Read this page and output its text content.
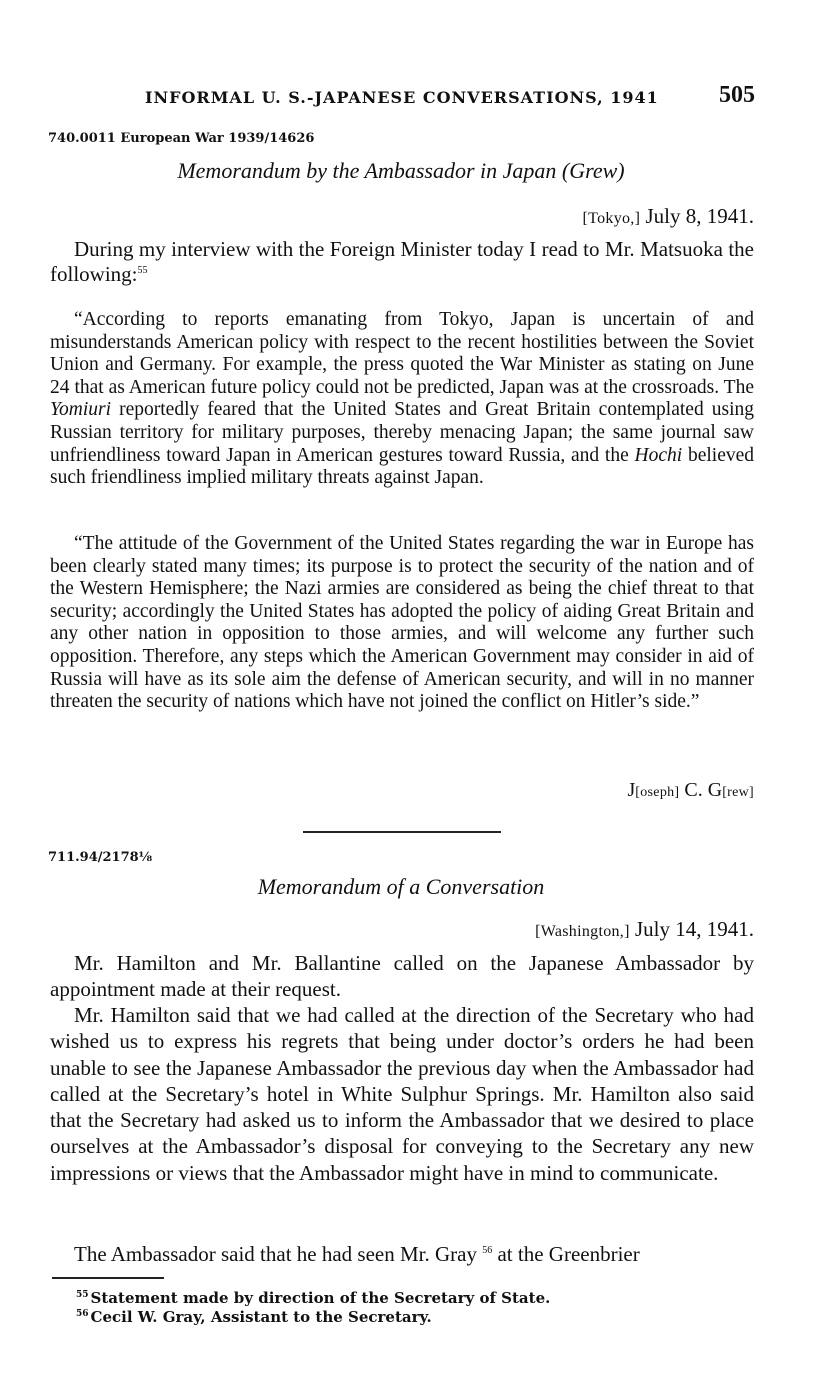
INFORMAL U. S.-JAPANESE CONVERSATIONS, 1941	505
740.0011 European War 1939/14626
Memorandum by the Ambassador in Japan (Grew)
[Tokyo,] July 8, 1941.
During my interview with the Foreign Minister today I read to Mr. Matsuoka the following:$^{55}$
“According to reports emanating from Tokyo, Japan is uncertain of and misunderstands American policy with respect to the recent hostilities between the Soviet Union and Germany. For example, the press quoted the War Minister as stating on June 24 that as American future policy could not be predicted, Japan was at the crossroads. The Yomiuri reportedly feared that the United States and Great Britain contemplated using Russian territory for military purposes, thereby menacing Japan; the same journal saw unfriendliness toward Japan in American gestures toward Russia, and the Hochi believed such friendliness implied military threats against Japan.
“The attitude of the Government of the United States regarding the war in Europe has been clearly stated many times; its purpose is to protect the security of the nation and of the Western Hemisphere; the Nazi armies are considered as being the chief threat to that security; accordingly the United States has adopted the policy of aiding Great Britain and any other nation in opposition to those armies, and will welcome any further such opposition. Therefore, any steps which the American Government may consider in aid of Russia will have as its sole aim the defense of American security, and will in no manner threaten the security of nations which have not joined the conflict on Hitler’s side.”
J[oseph] C. G[rew]
711.94/2178⅛
Memorandum of a Conversation
[Washington,] July 14, 1941.
Mr. Hamilton and Mr. Ballantine called on the Japanese Ambassador by appointment made at their request.
Mr. Hamilton said that we had called at the direction of the Secretary who had wished us to express his regrets that being under doctor’s orders he had been unable to see the Japanese Ambassador the previous day when the Ambassador had called at the Secretary’s hotel in White Sulphur Springs. Mr. Hamilton also said that the Secretary had asked us to inform the Ambassador that we desired to place ourselves at the Ambassador’s disposal for conveying to the Secretary any new impressions or views that the Ambassador might have in mind to communicate.
The Ambassador said that he had seen Mr. Gray $^{56}$ at the Greenbrier
$^{55}$ Statement made by direction of the Secretary of State.
$^{56}$ Cecil W. Gray, Assistant to the Secretary.
